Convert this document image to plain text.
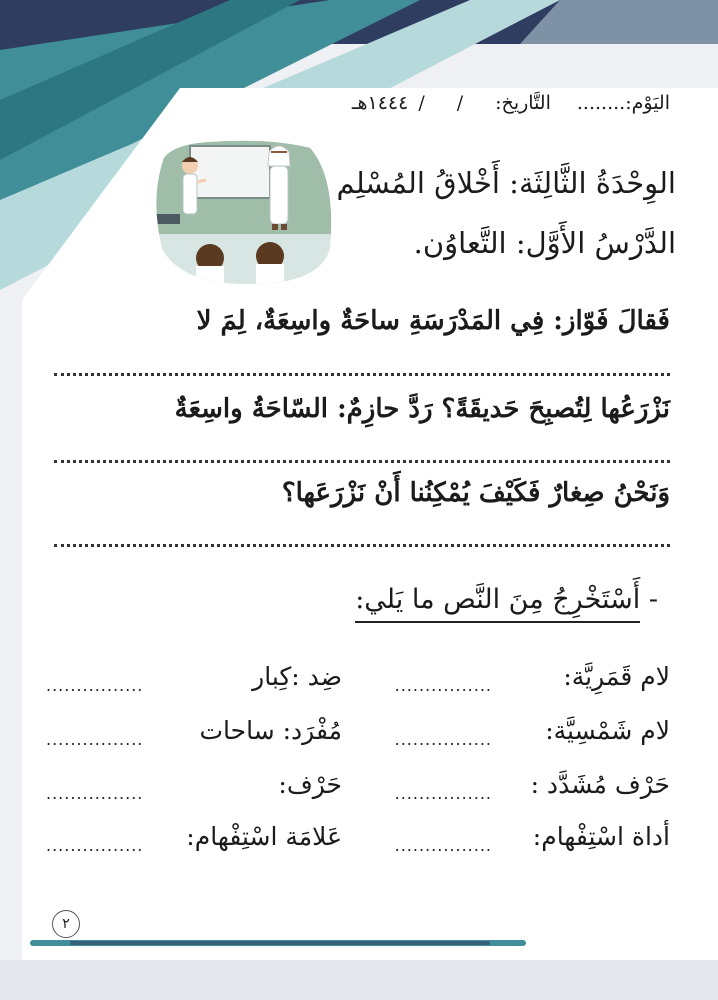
٢
اليَوْم:........
التَّاريخ:
/
/
١٤٤٤هـ
الوِحْدَةُ الثَّالِثَة: أَخْلاقُ المُسْلِم
الدَّرْسُ الأَوَّل: التَّعاوُن.
فَقالَ فَوّاز: فِي المَدْرَسَةِ ساحَةٌ واسِعَةٌ، لِمَ لا
نَزْرَعُها لِتُصبِحَ حَديقَةً؟ رَدَّ حازِمٌ: السّاحَةُ واسِعَةٌ
وَنَحْنُ صِغارٌ فَكَيْفَ يُمْكِنُنا أَنْ نَزْرَعَها؟
- أَسْتَخْرِجُ مِنَ النَّص ما يَلي:
لام قَمَرِيَّة:
لام شَمْسِيَّة:
حَرْف مُشَدَّد :
أداة اسْتِفْهام:
................
................
................
................
ضِد :كِبار
مُفْرَد: ساحات
حَرْف:
عَلامَة اسْتِفْهام:
................
................
................
................
